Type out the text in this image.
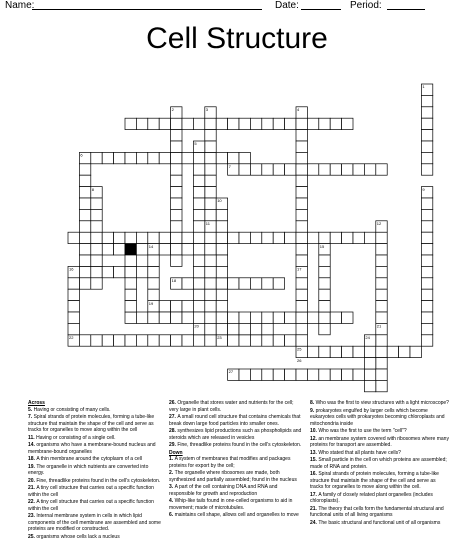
Name:	Date:	Period:
Cell Structure
1
2	3	4
5
6
7
8	9
10
11	12
13	14	15
16	17
18
19
20	21
22	23	24
25
26
27
Across

5. Having or consisting of many cells.

7. Spiral strands of protein molecules, forming a tube-like structure that maintain the shape of the cell and serve as tracks for organelles to move along within the cell

11. Having or consisting of a single cell.

14. organisms who have a membrane-bound nucleus and membrane-bound organelles

18. A thin membrane around the cytoplasm of a cell

19. The organelle in which nutrients are converted into energy.

20. Fine, threadlike proteins found in the cell's cytoskeleton.

21. A tiny cell structure that carries out a specific function within the cell

22. A tiny cell structure that carries out a specific function within the cell

23. Internal membrane system in cells in which lipid components of the cell membrane are assembled and some proteins are modified or constructed.

25. organisms whose cells lack a nucleus

26. Organelle that stores water and nutrients for the cell; very large in plant cells.

27. A small round cell structure that contains chemicals that break down large food particles into smaller ones.

28. synthesizes lipid productions such as phospholipids and steroids which are released in vesicles

29. Fine, threadlike proteins found in the cell's cytoskeleton.

Down

1. A system of membranes that modifies and packages proteins for export by the cell;

2. The organelle where ribosomes are made, both synthesized and partially assembled; found in the nucleus

3. A part of the cell containing DNA and RNA and responsible for growth and reproduction

4. Whip-like tails found in one-celled organisms to aid in movement; made of microtubules.

6. maintains cell shape, allows cell and organelles to move

8. Who was the first to view structures with a light microscope?

9. prokaryotes engulfed by larger cells which become eukaryotes cells with prokaryotes becoming chloroplasts and mitochondria inside

10. Who was the first to use the term "cell"?

12. an membrane system covered with ribosomes where many proteins for transport are assembled.

13. Who stated that all plants have cells?

15. Small particle in the cell on which proteins are assembled; made of RNA and protein.

16. Spiral strands of protein molecules, forming a tube-like structure that maintain the shape of the cell and serve as tracks for organelles to move along within the cell.

17. A family of closely related plant organelles (includes chloroplasts).

21. The theory that cells form the fundamental structural and functional units of all living organisms

24. The basic structural and functional unit of all organisms
